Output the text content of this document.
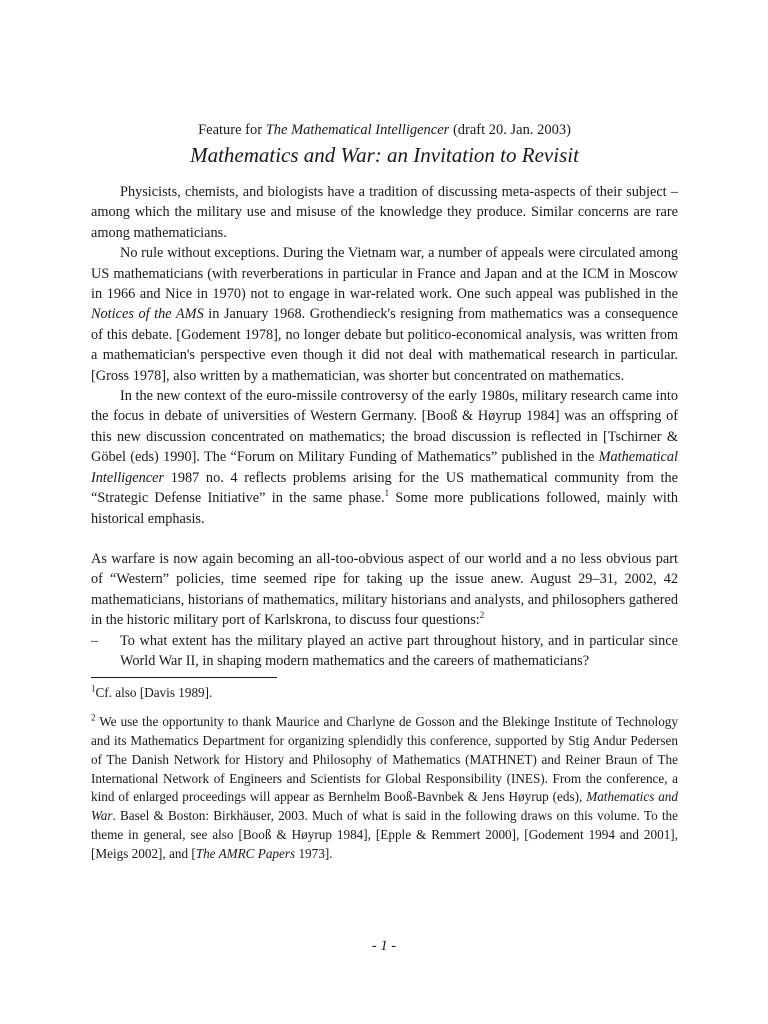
Feature for The Mathematical Intelligencer (draft 20. Jan. 2003)
Mathematics and War: an Invitation to Revisit

Physicists, chemists, and biologists have a tradition of discussing meta-aspects of their subject – among which the military use and misuse of the knowledge they produce. Similar concerns are rare among mathematicians.

No rule without exceptions. During the Vietnam war, a number of appeals were circulated among US mathematicians (with reverberations in particular in France and Japan and at the ICM in Moscow in 1966 and Nice in 1970) not to engage in war-related work. One such appeal was published in the Notices of the AMS in January 1968. Grothendieck's resigning from mathematics was a consequence of this debate. [Godement 1978], no longer debate but politico-economical analysis, was written from a mathematician's perspective even though it did not deal with mathematical research in particular. [Gross 1978], also written by a mathematician, was shorter but concentrated on mathematics.

In the new context of the euro-missile controversy of the early 1980s, military research came into the focus in debate of universities of Western Germany. [Booß & Høyrup 1984] was an offspring of this new discussion concentrated on mathematics; the broad discussion is reflected in [Tschirner & Göbel (eds) 1990]. The “Forum on Military Funding of Mathematics” published in the Mathematical Intelligencer 1987 no. 4 reflects problems arising for the US mathematical community from the “Strategic Defense Initiative” in the same phase.$^1$ Some more publications followed, mainly with historical emphasis.

As warfare is now again becoming an all-too-obvious aspect of our world and a no less obvious part of “Western” policies, time seemed ripe for taking up the issue anew. August 29–31, 2002, 42 mathematicians, historians of mathematics, military historians and analysts, and philosophers gathered in the historic military port of Karlskrona, to discuss four questions:$^2$

–	To what extent has the military played an active part throughout history, and in particular since World War II, in shaping modern mathematics and the careers of mathematicians?

$^1$Cf. also [Davis 1989].

$^2$ We use the opportunity to thank Maurice and Charlyne de Gosson and the Blekinge Institute of Technology and its Mathematics Department for organizing splendidly this conference, supported by Stig Andur Pedersen of The Danish Network for History and Philosophy of Mathematics (MATHNET) and Reiner Braun of The International Network of Engineers and Scientists for Global Responsibility (INES). From the conference, a kind of enlarged proceedings will appear as Bernhelm Booß-Bavnbek & Jens Høyrup (eds), Mathematics and War. Basel & Boston: Birkhäuser, 2003. Much of what is said in the following draws on this volume. To the theme in general, see also [Booß & Høyrup 1984], [Epple & Remmert 2000], [Godement 1994 and 2001], [Meigs 2002], and [The AMRC Papers 1973].

- 1 -
